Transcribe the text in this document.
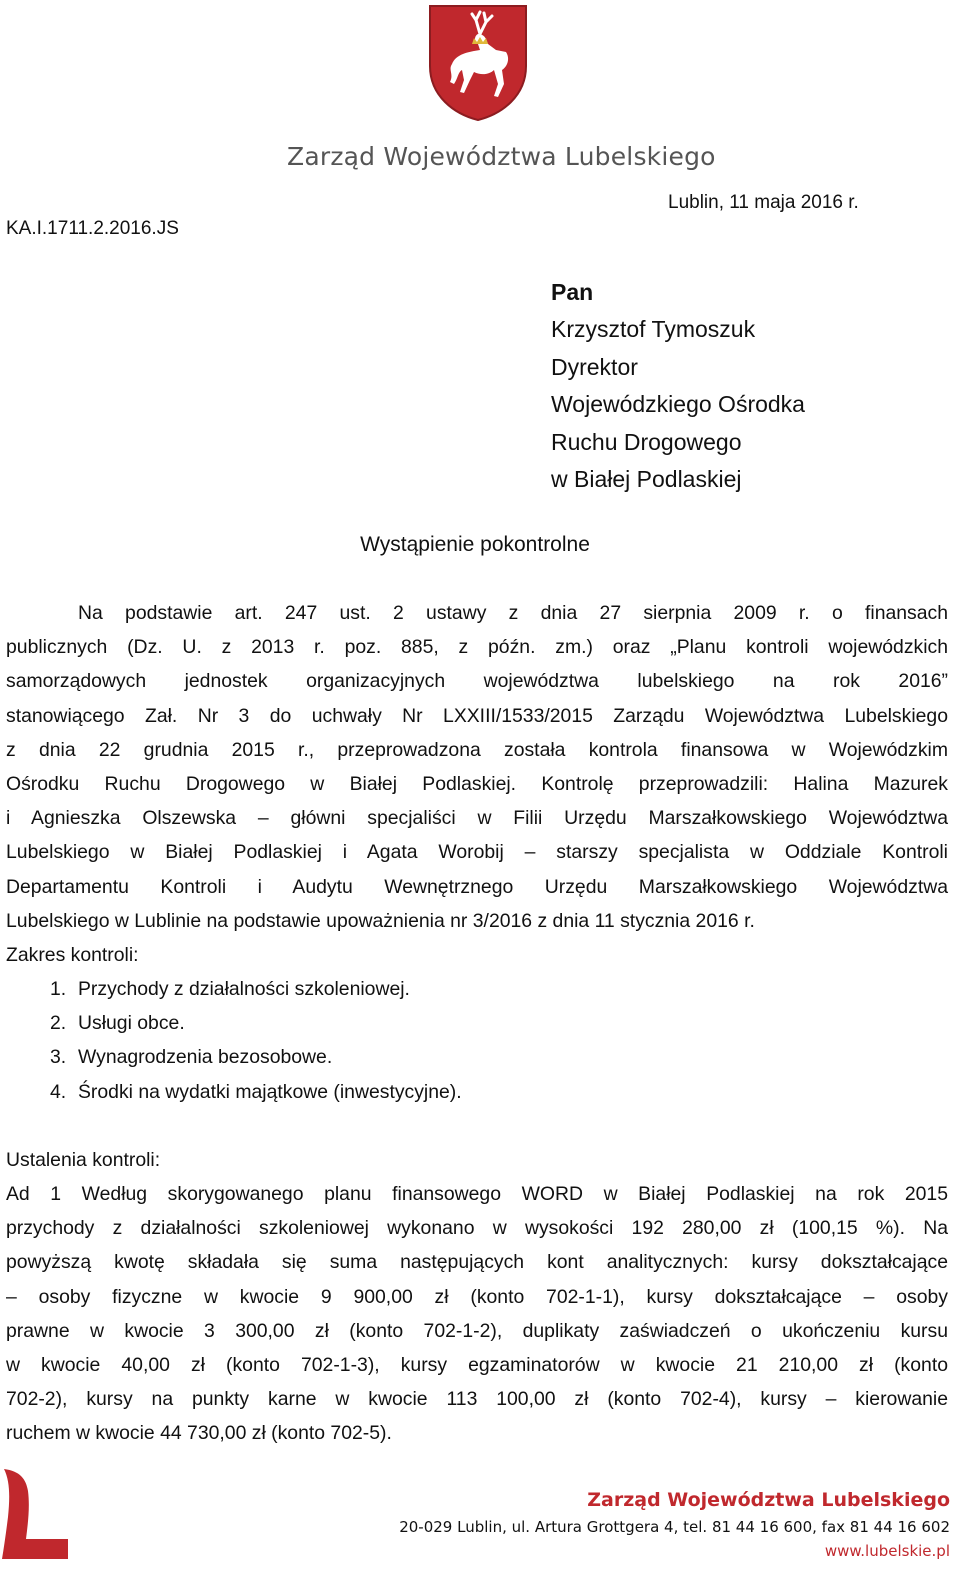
Zarząd Województwa Lubelskiego
KA.I.1711.2.2016.JS
Lublin, 11 maja 2016 r.
Pan
Krzysztof Tymoszuk
Dyrektor
Wojewódzkiego Ośrodka
Ruchu Drogowego
w Białej Podlaskiej
Wystąpienie pokontrolne
Na podstawie art. 247 ust. 2 ustawy z dnia 27 sierpnia 2009 r. o finansach
publicznych (Dz. U. z 2013 r. poz. 885, z późn. zm.) oraz „Planu kontroli wojewódzkich
samorządowych jednostek organizacyjnych województwa lubelskiego na rok 2016”
stanowiącego Zał. Nr 3 do uchwały Nr LXXIII/1533/2015 Zarządu Województwa Lubelskiego
z dnia 22 grudnia 2015 r., przeprowadzona została kontrola finansowa w Wojewódzkim
Ośrodku Ruchu Drogowego w Białej Podlaskiej. Kontrolę przeprowadzili: Halina Mazurek
i Agnieszka Olszewska – główni specjaliści w Filii Urzędu Marszałkowskiego Województwa
Lubelskiego w Białej Podlaskiej i Agata Worobij – starszy specjalista w Oddziale Kontroli
Departamentu Kontroli i Audytu Wewnętrznego Urzędu Marszałkowskiego Województwa
Lubelskiego w Lublinie na podstawie upoważnienia nr 3/2016 z dnia 11 stycznia 2016 r.
Zakres kontroli:
1. Przychody z działalności szkoleniowej.
2. Usługi obce.
3. Wynagrodzenia bezosobowe.
4. Środki na wydatki majątkowe (inwestycyjne).
Ustalenia kontroli:
Ad 1 Według skorygowanego planu finansowego WORD w Białej Podlaskiej na rok 2015
przychody z działalności szkoleniowej wykonano w wysokości 192 280,00 zł (100,15 %). Na
powyższą kwotę składała się suma następujących kont analitycznych: kursy dokształcające
– osoby fizyczne w kwocie 9 900,00 zł (konto 702-1-1), kursy dokształcające – osoby
prawne w kwocie 3 300,00 zł (konto 702-1-2), duplikaty zaświadczeń o ukończeniu kursu
w kwocie 40,00 zł (konto 702-1-3), kursy egzaminatorów w kwocie 21 210,00 zł (konto
702-2), kursy na punkty karne w kwocie 113 100,00 zł (konto 702-4), kursy – kierowanie
ruchem w kwocie 44 730,00 zł (konto 702-5).
Zarząd Województwa Lubelskiego
20-029 Lublin, ul. Artura Grottgera 4, tel. 81 44 16 600, fax 81 44 16 602
www.lubelskie.pl
